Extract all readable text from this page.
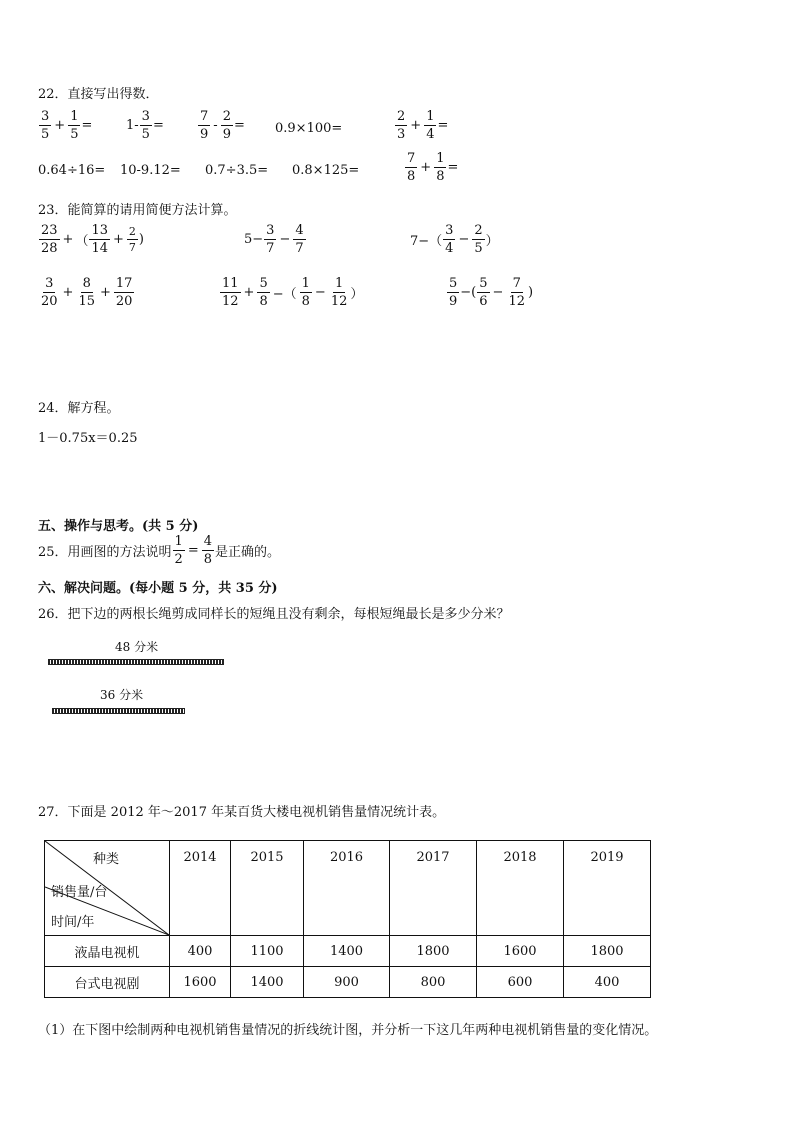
22．直接写出得数．
$\frac{3}{5} + \frac{1}{5}$ =	$1- \frac{3}{5}$ =	$\frac{7}{9} - \frac{2}{9} = 0.9\times 100=$	$\frac{2}{3} + \frac{1}{4}$ =
0.64÷16= 10-9.12= 0.7÷3.5= 0.8×125=	$\frac{7}{8} + \frac{1}{8}$ =
23．能简算的请用简便方法计算。
$\frac{23}{28}$ + （ $\frac{13}{14} + \frac{2}{7}$ )	$5- \frac{3}{7} - \frac{4}{7}$	$7-( \frac{3}{4} - \frac{2}{5}$ ）
$\frac{3}{20} + \frac{8}{15} + \frac{17}{20}$	$\frac{11}{12} + \frac{5}{8}$ −（ $\frac{1}{8} - \frac{1}{12}$ ）	$\frac{5}{9}$ −( $\frac{5}{6} - \frac{7}{12}$ )
24．解方程。
1－0.75x＝0.25
五、操作与思考。(共 5 分)
25．用画图的方法说明 $\frac{1}{2} = \frac{4}{8}$ 是正确的。
六、解决问题。(每小题 5 分，共 35 分)
26．把下边的两根长绳剪成同样长的短绳且没有剩余，每根短绳最长是多少分米？
48 分米
36 分米
27．下面是 2012 年～2017 年某百货大楼电视机销售量情况统计表。
种类
销售量/台
时间/年	2014	2015	2016	2017	2018	2019
液晶电视机	400	1100	1400	1800	1600	1800
台式电视剧	1600	1400	900	800	600	400
（1）在下图中绘制两种电视机销售量情况的折线统计图，并分析一下这几年两种电视机销售量的变化情况。
